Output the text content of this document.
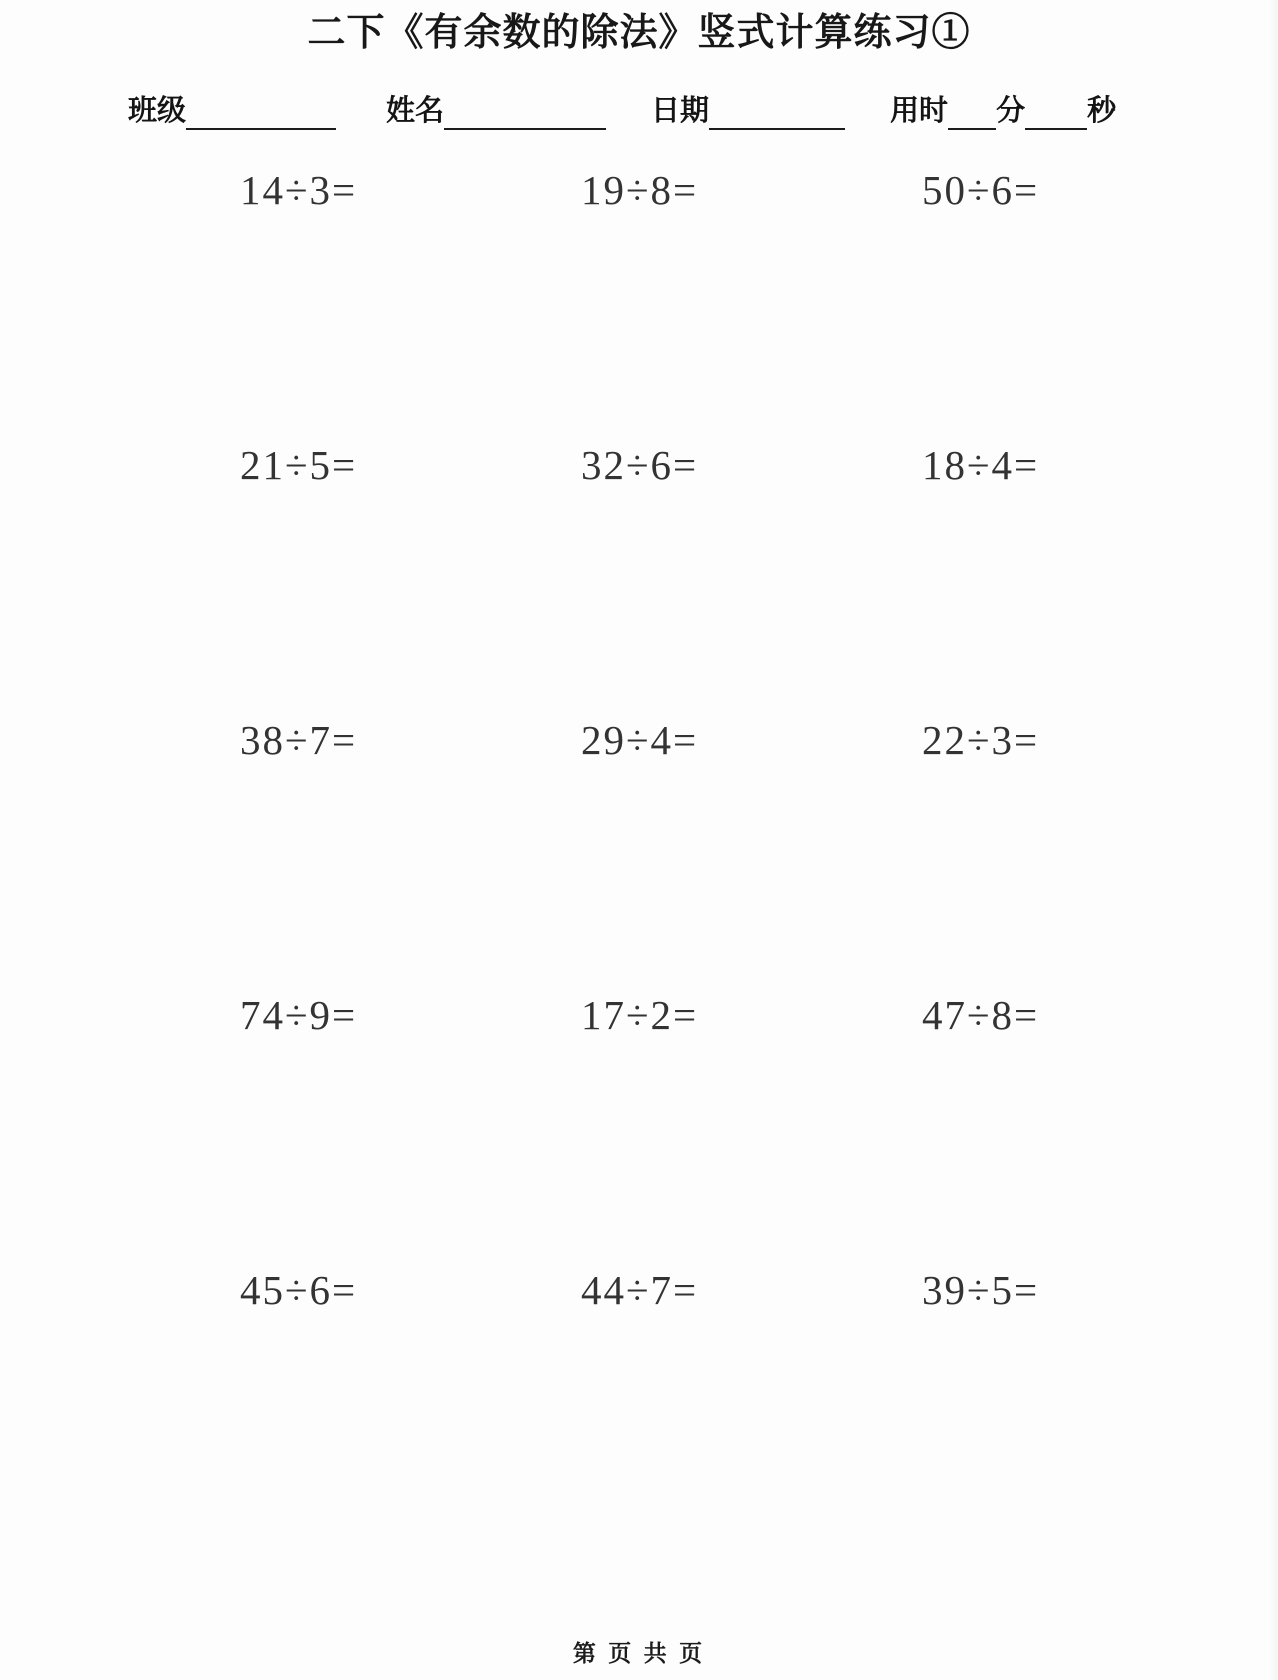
二下《有余数的除法》竖式计算练习①
班级	姓名	日期	用时 分 秒
14÷3=	19÷8=	50÷6=
21÷5=	32÷6=	18÷4=
38÷7=	29÷4=	22÷3=
74÷9=	17÷2=	47÷8=
45÷6=	44÷7=	39÷5=
第 页 共 页
